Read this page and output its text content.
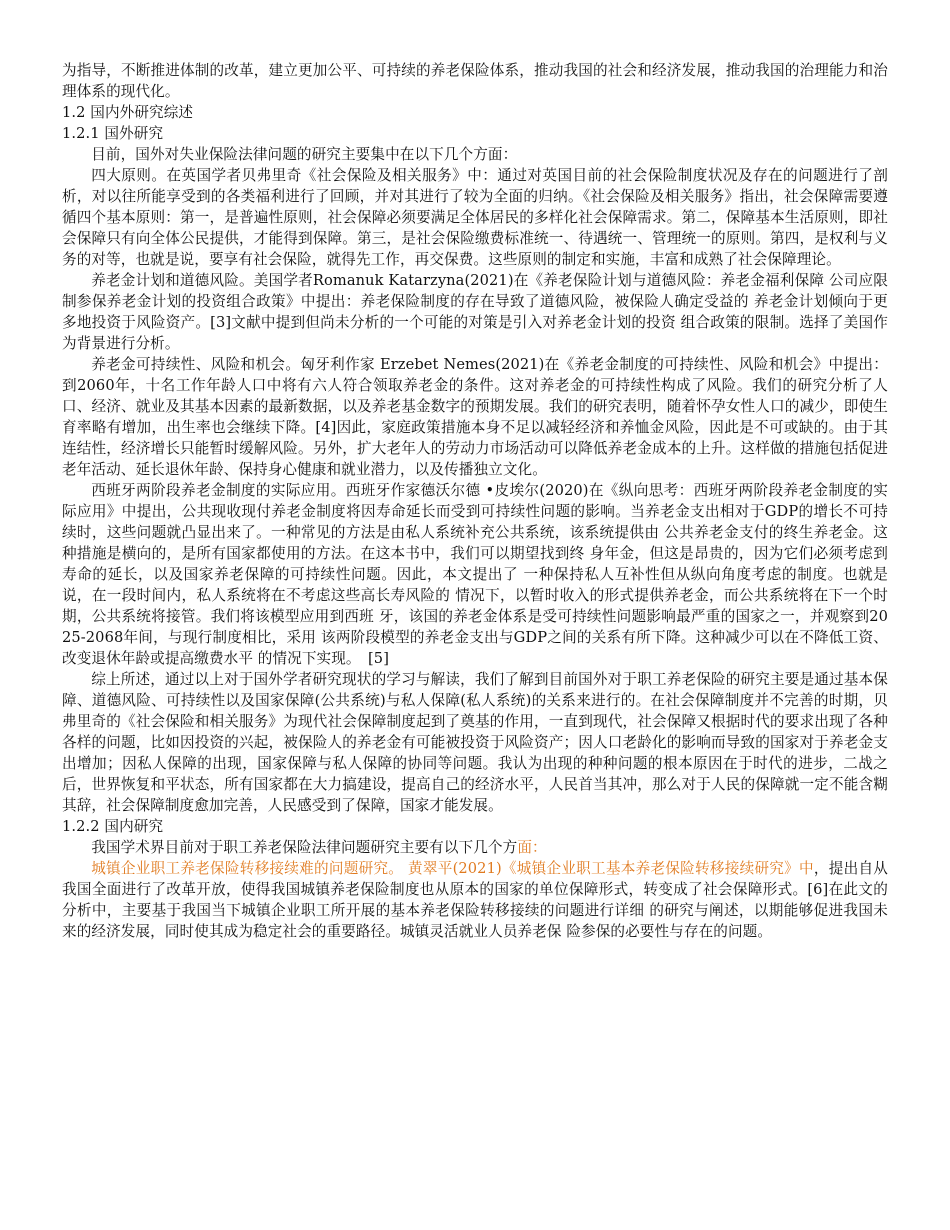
为指导，不断推进体制的改革，建立更加公平、可持续的养老保险体系，推动我国的社会和经济发展，推动我国的治理能力和治理体系的现代化。

1.2 国内外研究综述

1.2.1 国外研究

目前，国外对失业保险法律问题的研究主要集中在以下几个方面：

四大原则。在英国学者贝弗里奇《社会保险及相关服务》中：通过对英国目前的社会保险制度状况及存在的问题进行了剖析，对以往所能享受到的各类福利进行了回顾，并对其进行了较为全面的归纳。《社会保险及相关服务》指出，社会保障需要遵循四个基本原则：第一，是普遍性原则，社会保障必须要满足全体居民的多样化社会保障需求。第二，保障基本生活原则，即社会保障只有向全体公民提供，才能得到保障。第三，是社会保险缴费标准统一、待遇统一、管理统一的原则。第四，是权利与义务的对等，也就是说，要享有社会保险，就得先工作，再交保费。这些原则的制定和实施，丰富和成熟了社会保障理论。

养老金计划和道德风险。美国学者Romanuk Katarzyna(2021)在《养老保险计划与道德风险：养老金福利保障 公司应限制参保养老金计划的投资组合政策》中提出：养老保险制度的存在导致了道德风险，被保险人确定受益的 养老金计划倾向于更多地投资于风险资产。[3]文献中提到但尚未分析的一个可能的对策是引入对养老金计划的投资 组合政策的限制。选择了美国作为背景进行分析。

养老金可持续性、风险和机会。匈牙利作家 Erzebet Nemes(2021)在《养老金制度的可持续性、风险和机会》中提出：到2060年，十名工作年龄人口中将有六人符合领取养老金的条件。这对养老金的可持续性构成了风险。我们的研究分析了人口、经济、就业及其基本因素的最新数据，以及养老基金数字的预期发展。我们的研究表明，随着怀孕女性人口的减少，即使生育率略有增加，出生率也会继续下降。[4]因此，家庭政策措施本身不足以减轻经济和养恤金风险，因此是不可或缺的。由于其连结性，经济增长只能暂时缓解风险。另外，扩大老年人的劳动力市场活动可以降低养老金成本的上升。这样做的措施包括促进老年活动、延长退休年龄、保持身心健康和就业潜力，以及传播独立文化。

西班牙两阶段养老金制度的实际应用。西班牙作家德沃尔德 •皮埃尔(2020)在《纵向思考：西班牙两阶段养老金制度的实际应用》中提出，公共现收现付养老金制度将因寿命延长而受到可持续性问题的影响。当养老金支出相对于GDP的增长不可持续时，这些问题就凸显出来了。一种常见的方法是由私人系统补充公共系统，该系统提供由 公共养老金支付的终生养老金。这种措施是横向的，是所有国家都使用的方法。在这本书中，我们可以期望找到终 身年金，但这是昂贵的，因为它们必须考虑到寿命的延长，以及国家养老保障的可持续性问题。因此，本文提出了 一种保持私人互补性但从纵向角度考虑的制度。也就是说，在一段时间内，私人系统将在不考虑这些高长寿风险的 情况下，以暂时收入的形式提供养老金，而公共系统将在下一个时期，公共系统将接管。我们将该模型应用到西班 牙，该国的养老金体系是受可持续性问题影响最严重的国家之一，并观察到2025-2068年间，与现行制度相比，采用 该两阶段模型的养老金支出与GDP之间的关系有所下降。这种减少可以在不降低工资、改变退休年龄或提高缴费水平 的情况下实现。　[5]

综上所述，通过以上对于国外学者研究现状的学习与解读，我们了解到目前国外对于职工养老保险的研究主要是通过基本保障、道德风险、可持续性以及国家保障(公共系统)与私人保障(私人系统)的关系来进行的。在社会保障制度并不完善的时期，贝弗里奇的《社会保险和相关服务》为现代社会保障制度起到了奠基的作用，一直到现代，社会保障又根据时代的要求出现了各种各样的问题，比如因投资的兴起，被保险人的养老金有可能被投资于风险资产；因人口老龄化的影响而导致的国家对于养老金支出增加；因私人保障的出现，国家保障与私人保障的协同等问题。我认为出现的种种问题的根本原因在于时代的进步，二战之后，世界恢复和平状态，所有国家都在大力搞建设，提高自己的经济水平，人民首当其冲，那么对于人民的保障就一定不能含糊其辞，社会保障制度愈加完善，人民感受到了保障，国家才能发展。

1.2.2 国内研究

我国学术界目前对于职工养老保险法律问题研究主要有以下几个方面：

城镇企业职工养老保险转移接续难的问题研究。 黄翠平(2021)《城镇企业职工基本养老保险转移接续研究》中，提出自从我国全面进行了改革开放，使得我国城镇养老保险制度也从原本的国家的单位保障形式，转变成了社会保障形式。[6]在此文的分析中，主要基于我国当下城镇企业职工所开展的基本养老保险转移接续的问题进行详细 的研究与阐述，以期能够促进我国未来的经济发展，同时使其成为稳定社会的重要路径。城镇灵活就业人员养老保 险参保的必要性与存在的问题。
